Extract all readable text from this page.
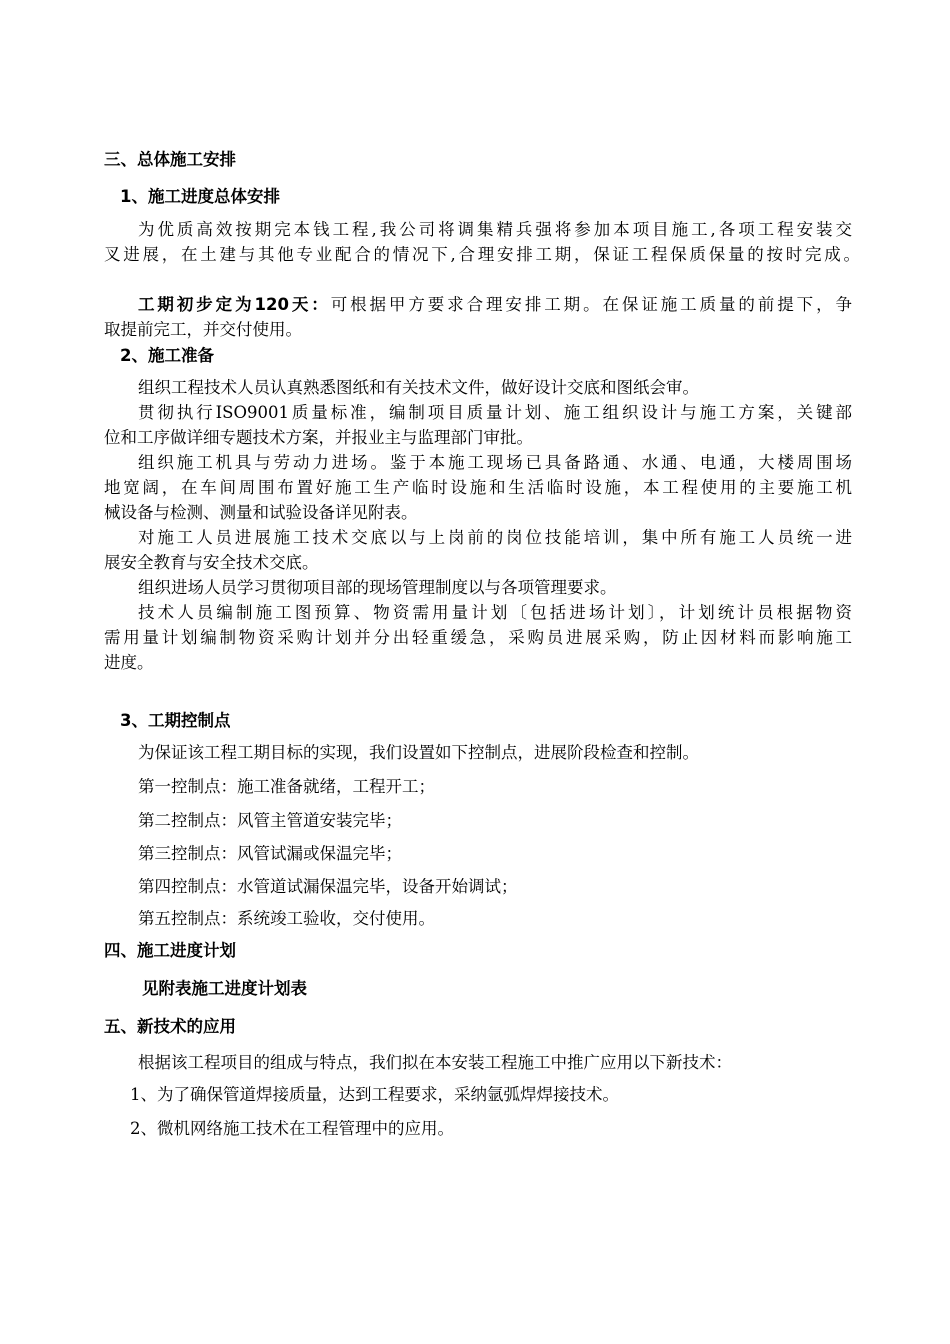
三、总体施工安排
1、施工进度总体安排
为优质高效按期完本钱工程,我公司将调集精兵强将参加本项目施工,各项工程安装交
叉进展，在土建与其他专业配合的情况下,合理安排工期，保证工程保质保量的按时完成。
工期初步定为120天：可根据甲方要求合理安排工期。在保证施工质量的前提下，争
取提前完工，并交付使用。
2、施工准备
组织工程技术人员认真熟悉图纸和有关技术文件，做好设计交底和图纸会审。
贯彻执行ISO9001质量标准，编制项目质量计划、施工组织设计与施工方案，关键部
位和工序做详细专题技术方案，并报业主与监理部门审批。
组织施工机具与劳动力进场。鉴于本施工现场已具备路通、水通、电通，大楼周围场
地宽阔，在车间周围布置好施工生产临时设施和生活临时设施，本工程使用的主要施工机
械设备与检测、测量和试验设备详见附表。
对施工人员进展施工技术交底以与上岗前的岗位技能培训，集中所有施工人员统一进
展安全教育与安全技术交底。
组织进场人员学习贯彻项目部的现场管理制度以与各项管理要求。
技术人员编制施工图预算、物资需用量计划〔包括进场计划〕，计划统计员根据物资
需用量计划编制物资采购计划并分出轻重缓急，采购员进展采购，防止因材料而影响施工
进度。
3、工期控制点
为保证该工程工期目标的实现，我们设置如下控制点，进展阶段检查和控制。
第一控制点：施工准备就绪，工程开工；
第二控制点：风管主管道安装完毕；
第三控制点：风管试漏或保温完毕；
第四控制点：水管道试漏保温完毕，设备开始调试；
第五控制点：系统竣工验收，交付使用。
四、施工进度计划
见附表施工进度计划表
五、新技术的应用
根据该工程项目的组成与特点，我们拟在本安装工程施工中推广应用以下新技术：
1、为了确保管道焊接质量，达到工程要求，采纳氩弧焊焊接技术。
2、微机网络施工技术在工程管理中的应用。
